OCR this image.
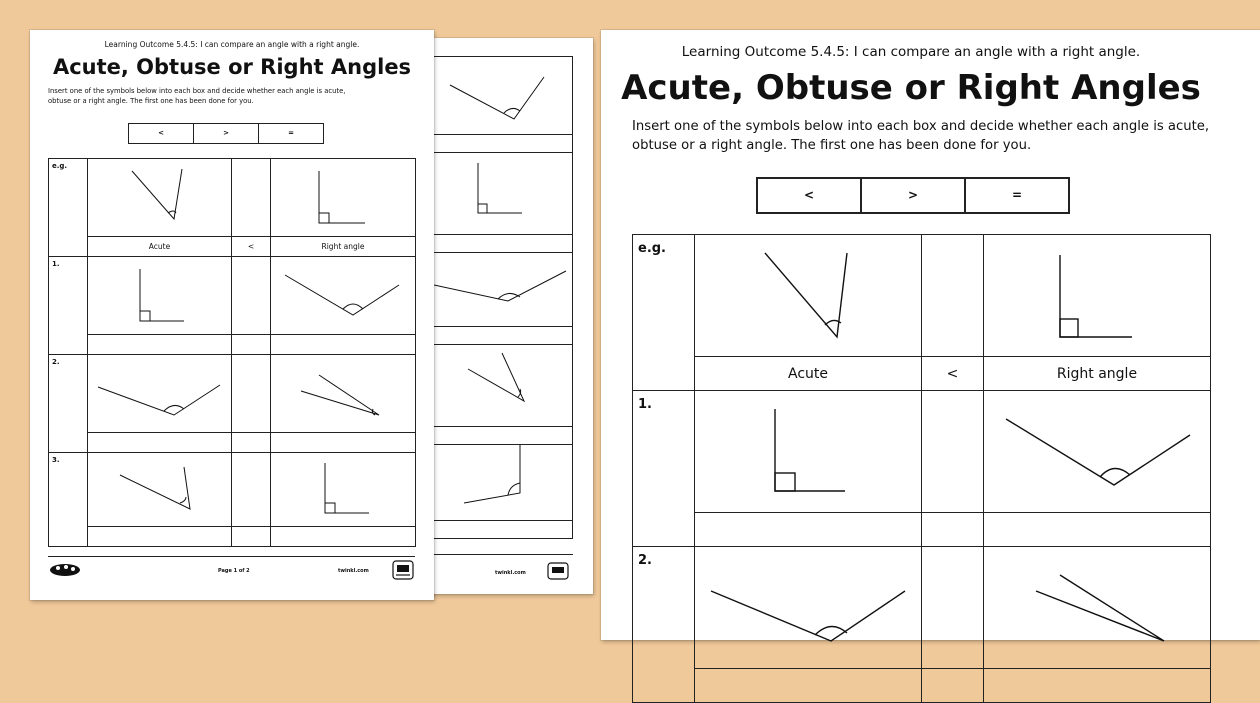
twinkl.com
Learning Outcome 5.4.5: I can compare an angle with a right angle.
Acute, Obtuse or Right Angles
Insert one of the symbols below into each box and decide whether each angle is acute,
obtuse or a right angle. The first one has been done for you.
<	>	=
e.g.	

	Acute	<	Right angle
1.	

2.	

3.	

Page 1 of 2	twinkl.com
Learning Outcome 5.4.5: I can compare an angle with a right angle.
Acute, Obtuse or Right Angles
Insert one of the symbols below into each box and decide whether each angle is acute,
obtuse or a right angle. The first one has been done for you.
<	>	=
e.g.	

	Acute	<	Right angle
1.	

2.	
